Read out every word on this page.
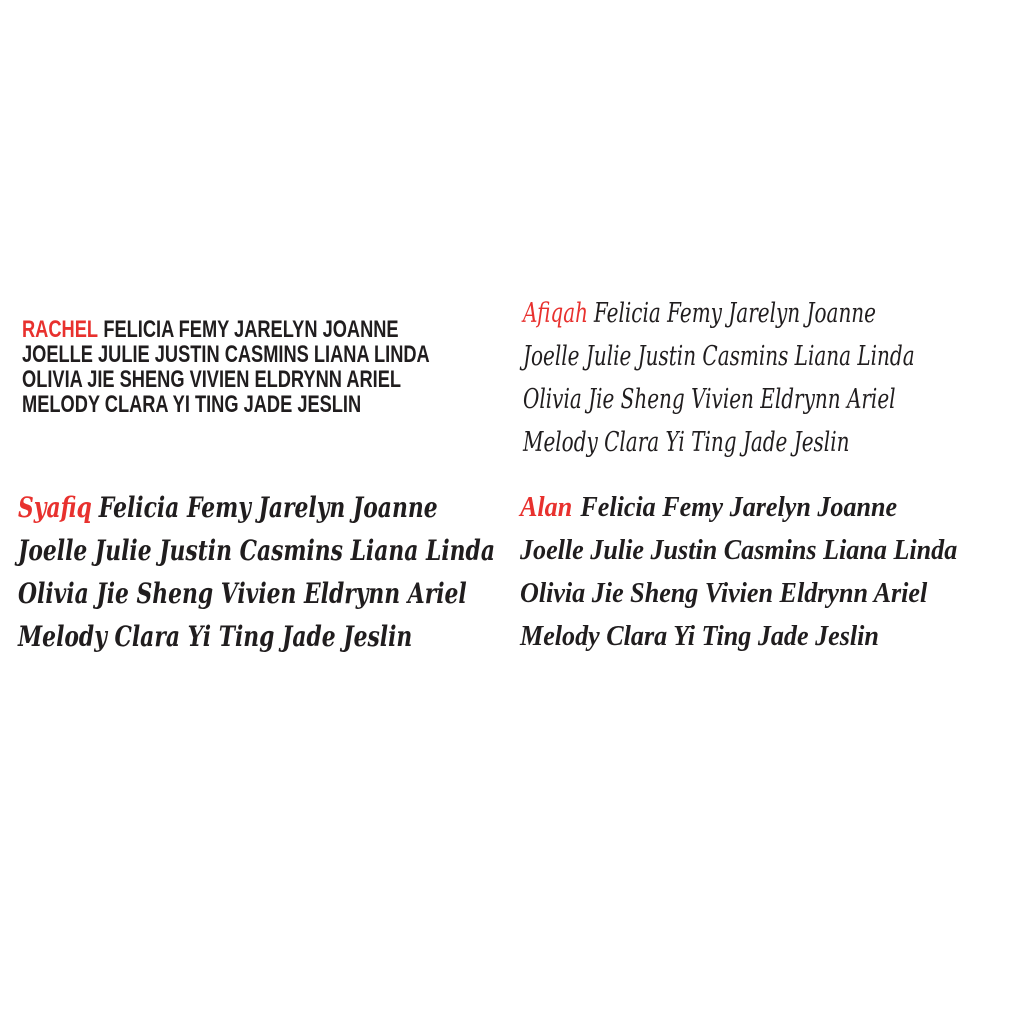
RACHEL FELICIA FEMY JARELYN JOANNE
JOELLE JULIE JUSTIN CASMINS LIANA LINDA
OLIVIA JIE SHENG VIVIEN ELDRYNN ARIEL
MELODY CLARA YI TING JADE JESLIN
Afiqah Felicia Femy Jarelyn Joanne
Joelle Julie Justin Casmins Liana Linda
Olivia Jie Sheng Vivien Eldrynn Ariel
Melody Clara Yi Ting Jade Jeslin
Syafiq Felicia Femy Jarelyn Joanne
Joelle Julie Justin Casmins Liana Linda
Olivia Jie Sheng Vivien Eldrynn Ariel
Melody Clara Yi Ting Jade Jeslin
Alan Felicia Femy Jarelyn Joanne
Joelle Julie Justin Casmins Liana Linda
Olivia Jie Sheng Vivien Eldrynn Ariel
Melody Clara Yi Ting Jade Jeslin
